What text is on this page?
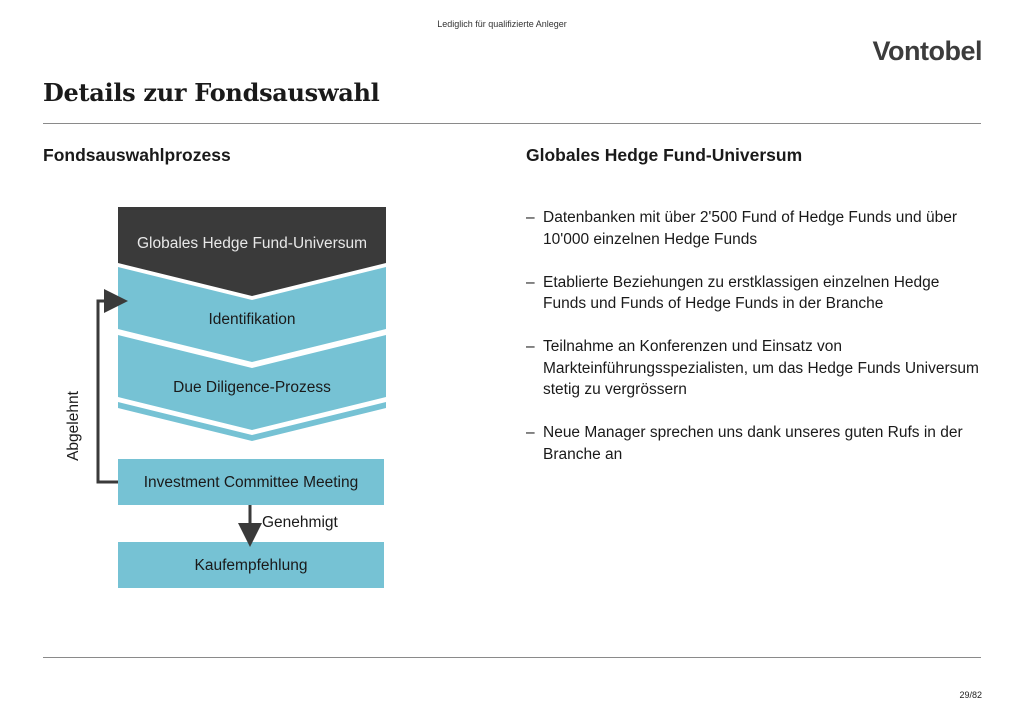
Lediglich für qualifizierte Anleger
Vontobel
Details zur Fondsauswahl
Fondsauswahlprozess	Globales Hedge Fund-Universum
Globales Hedge Fund-Universum
Identifikation
Due Diligence-Prozess
Investment Committee Meeting
Genehmigt
Kaufempfehlung
Abgelehnt
– Datenbanken mit über 2'500 Fund of Hedge Funds und über 10'000 einzelnen Hedge Funds
– Etablierte Beziehungen zu erstklassigen einzelnen Hedge Funds und Funds of Hedge Funds in der Branche
– Teilnahme an Konferenzen und Einsatz von Markteinführungsspezialisten, um das Hedge Funds Universum stetig zu vergrössern
– Neue Manager sprechen uns dank unseres guten Rufs in der Branche an
29/82
